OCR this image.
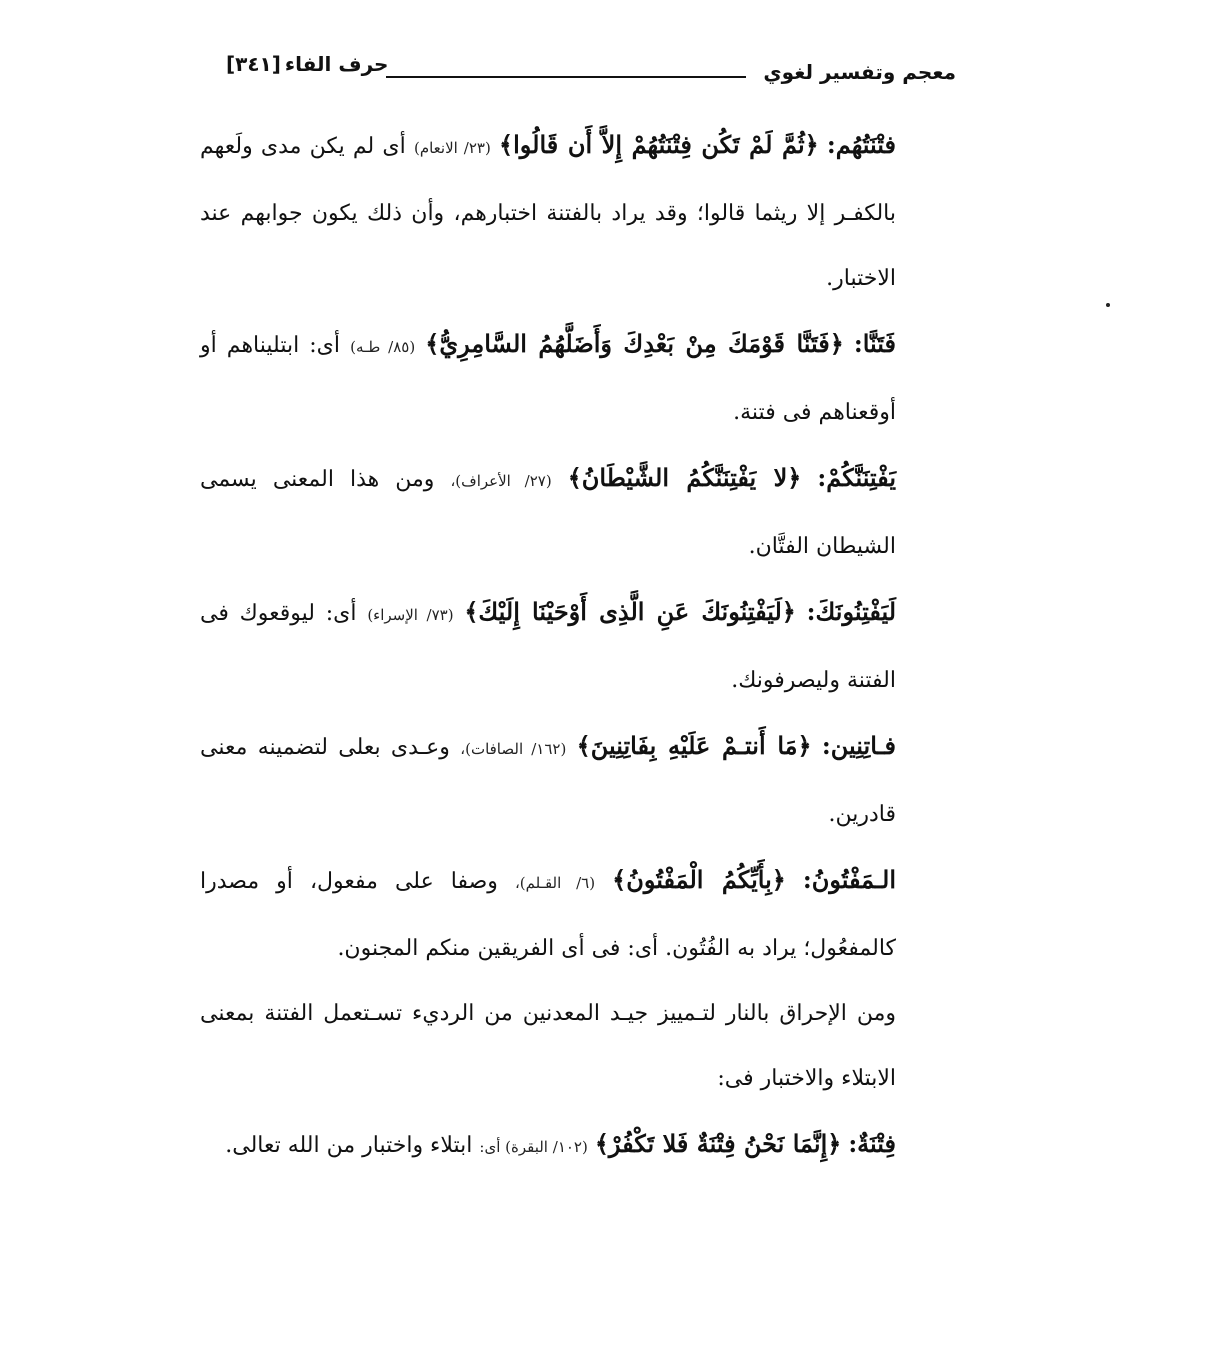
معجم وتفسير لغوي
حرف الفاء
[٣٤١]

فتْنَتُهُم: ﴿ثُمَّ لَمْ تَكُن فِتْنَتُهُمْ إِلاَّ أَن قَالُوا﴾ (٢٣/ الانعام) أى لم يكن مدى ولَعهم بالكفـر إلا ريثما قالوا؛ وقد يراد بالفتنة اختبارهم، وأن ذلك يكون جوابهم عند الاختبار.

فَتَنَّا: ﴿فَتَنَّا قَوْمَكَ مِنْ بَعْدِكَ وَأَضَلَّهُمُ السَّامِرِيُّ﴾ (٨٥/ طـه) أى: ابتليناهم أو أوقعناهم فى فتنة.

يَفْتِنَنَّكُمْ: ﴿لا يَفْتِنَنَّكُمُ الشَّيْطَانُ﴾ (٢٧/ الأعراف)، ومن هذا المعنى يسمى الشيطان الفتَّان.

لَيَفْتِنُونَكَ: ﴿لَيَفْتِنُونَكَ عَنِ الَّذِى أَوْحَيْنَا إِلَيْكَ﴾ (٧٣/ الإسراء) أى: ليوقعوك فى الفتنة وليصرفونك.

فـاتِنِين: ﴿مَا أَنتـمْ عَلَيْهِ بِفَاتِنِينَ﴾ (١٦٢/ الصافات)، وعـدى بعلى لتضمينه معنى قادرين.

الـمَفْتُونُ: ﴿بِأَيِّكُمُ الْمَفْتُونُ﴾ (٦/ القـلم)، وصفا على مفعول، أو مصدرا كالمفعُول؛ يراد به الفُتُون. أى: فى أى الفريقين منكم المجنون.

ومن الإحراق بالنار لتـمييز جيـد المعدنين من الرديء تسـتعمل الفتنة بمعنى الابتلاء والاختبار فى:

فِتْنَةٌ: ﴿إِنَّمَا نَحْنُ فِتْنَةٌ فَلا تَكْفُرْ﴾ (١٠٢/ البقرة) أى: ابتلاء واختبار من الله تعالى.
